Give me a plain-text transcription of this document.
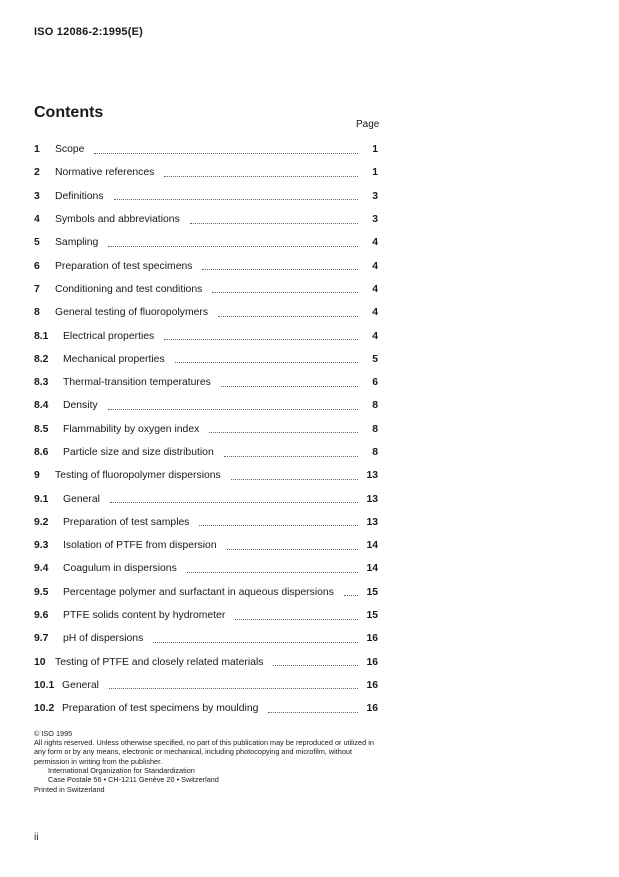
ISO 12086-2:1995(E)
Contents
Page
1	Scope	1
2	Normative references	1
3	Definitions	3
4	Symbols and abbreviations	3
5	Sampling	4
6	Preparation of test specimens	4
7	Conditioning and test conditions	4
8	General testing of fluoropolymers	4
8.1	Electrical properties	4
8.2	Mechanical properties	5
8.3	Thermal-transition temperatures	6
8.4	Density	8
8.5	Flammability by oxygen index	8
8.6	Particle size and size distribution	8
9	Testing of fluoropolymer dispersions	13
9.1	General	13
9.2	Preparation of test samples	13
9.3	Isolation of PTFE from dispersion	14
9.4	Coagulum in dispersions	14
9.5	Percentage polymer and surfactant in aqueous dispersions	15
9.6	PTFE solids content by hydrometer	15
9.7	pH of dispersions	16
10 Testing of PTFE and closely related materials	16
10.1 General	16
10.2 Preparation of test specimens by moulding	16
© ISO 1995
All rights reserved. Unless otherwise specified, no part of this publication may be reproduced or utilized in any form or by any means, electronic or mechanical, including photocopying and microfilm, without permission in writing from the publisher.
International Organization for Standardization
Case Postale 56 • CH-1211 Genève 20 • Switzerland
Printed in Switzerland
ii
